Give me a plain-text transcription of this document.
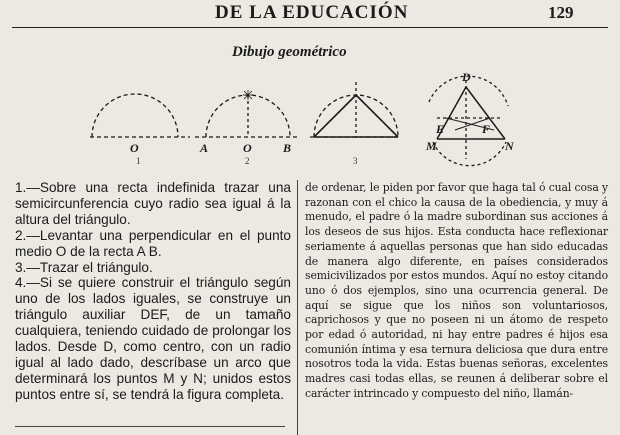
DE LA EDUCACIÓN	129
Dibujo geométrico
O
1
A	O	B
2	3
D
E	F
M	N

1.—Sobre una recta indefinida trazar una semicircunferencia cuyo radio sea igual á la altura del triángulo.

2.—Levantar una perpendicular en el punto medio O de la recta A B.

3.—Trazar el triángulo.

4.—Si se quiere construir el triángulo según uno de los lados iguales, se construye un triángulo auxiliar DEF, de un tamaño cualquiera, teniendo cuidado de prolongar los lados. Desde D, como centro, con un radio igual al lado dado, descríbase un arco que determinará los puntos M y N; unidos estos puntos entre sí, se tendrá la figura completa.

de ordenar, le piden por favor que haga tal ó cual cosa y razonan con el chico la causa de la obediencia, y muy á menudo, el padre ó la madre subordinan sus acciones á los deseos de sus hijos. Esta conducta hace reflexionar seriamente á aquellas personas que han sido educadas de manera algo diferente, en países considerados semicivilizados por estos mundos. Aquí no estoy citando uno ó dos ejemplos, sino una ocurrencia general. De aquí se sigue que los niños son voluntariosos, caprichosos y que no poseen ni un átomo de respeto por edad ó autoridad, ni hay entre padres é hijos esa comunión íntima y esa ternura deliciosa que dura entre nosotros toda la vida. Estas buenas señoras, excelentes madres casi todas ellas, se reunen á deliberar sobre el carácter intrincado y compuesto del niño, llamán-
